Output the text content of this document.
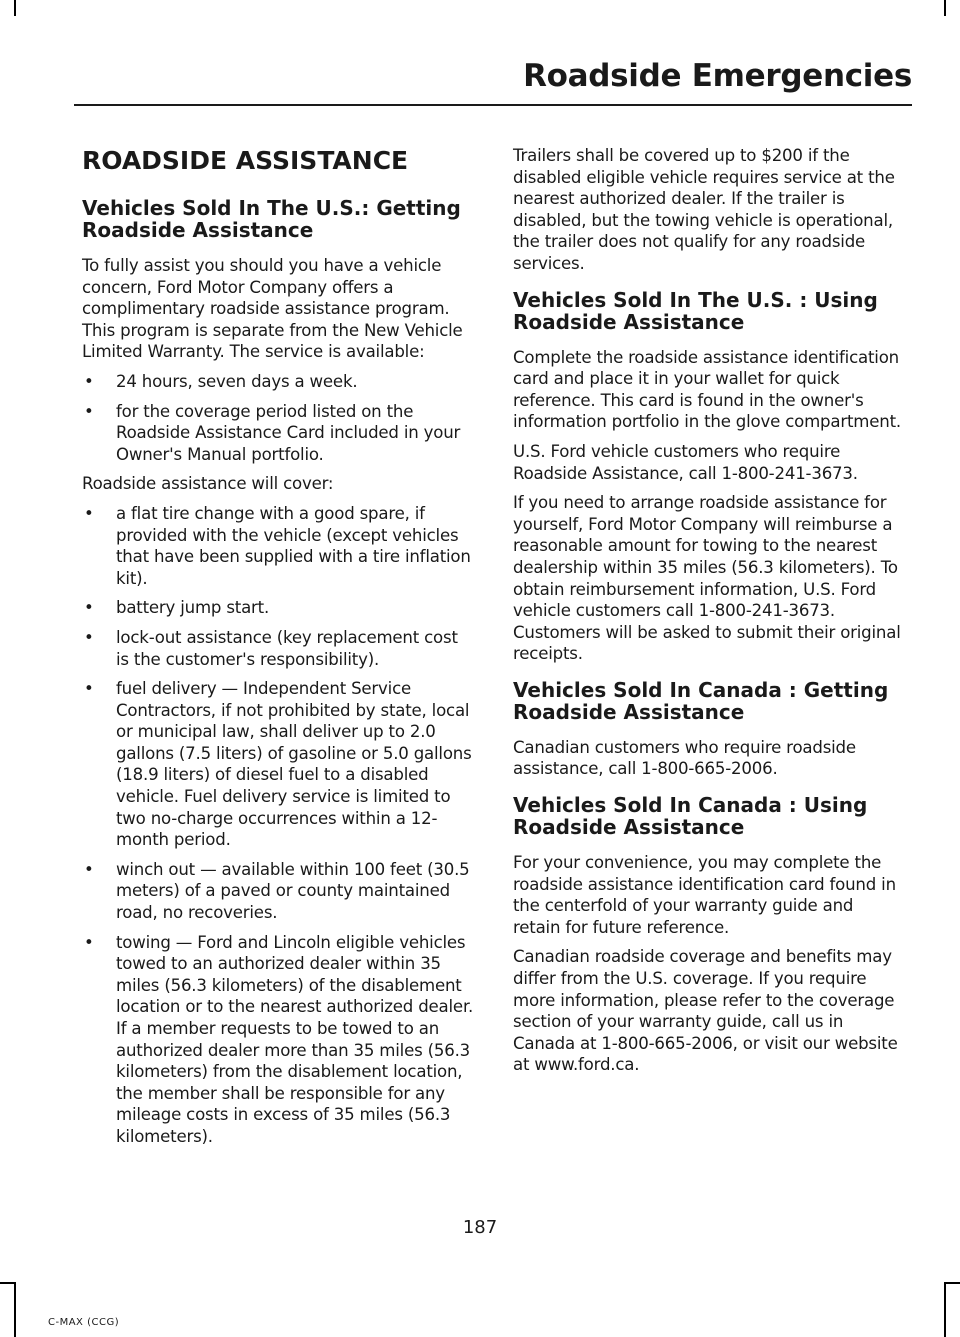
Roadside Emergencies
ROADSIDE ASSISTANCE
Vehicles Sold In The U.S.: Getting Roadside Assistance

To fully assist you should you have a vehicle concern, Ford Motor Company offers a complimentary roadside assistance program. This program is separate from the New Vehicle Limited Warranty. The service is available:

• 24 hours, seven days a week.
• for the coverage period listed on the Roadside Assistance Card included in your Owner's Manual portfolio.

Roadside assistance will cover:

• a flat tire change with a good spare, if provided with the vehicle (except vehicles that have been supplied with a tire inflation kit).
• battery jump start.
• lock-out assistance (key replacement cost is the customer's responsibility).
• fuel delivery — Independent Service Contractors, if not prohibited by state, local or municipal law, shall deliver up to 2.0 gallons (7.5 liters) of gasoline or 5.0 gallons (18.9 liters) of diesel fuel to a disabled vehicle. Fuel delivery service is limited to two no-charge occurrences within a 12-month period.
• winch out — available within 100 feet (30.5 meters) of a paved or county maintained road, no recoveries.
• towing — Ford and Lincoln eligible vehicles towed to an authorized dealer within 35 miles (56.3 kilometers) of the disablement location or to the nearest authorized dealer. If a member requests to be towed to an authorized dealer more than 35 miles (56.3 kilometers) from the disablement location, the member shall be responsible for any mileage costs in excess of 35 miles (56.3 kilometers).

Trailers shall be covered up to $200 if the disabled eligible vehicle requires service at the nearest authorized dealer. If the trailer is disabled, but the towing vehicle is operational, the trailer does not qualify for any roadside services.

Vehicles Sold In The U.S. : Using Roadside Assistance

Complete the roadside assistance identification card and place it in your wallet for quick reference. This card is found in the owner's information portfolio in the glove compartment.

U.S. Ford vehicle customers who require Roadside Assistance, call 1-800-241-3673.

If you need to arrange roadside assistance for yourself, Ford Motor Company will reimburse a reasonable amount for towing to the nearest dealership within 35 miles (56.3 kilometers). To obtain reimbursement information, U.S. Ford vehicle customers call 1-800-241-3673. Customers will be asked to submit their original receipts.

Vehicles Sold In Canada : Getting Roadside Assistance

Canadian customers who require roadside assistance, call 1-800-665-2006.

Vehicles Sold In Canada : Using Roadside Assistance

For your convenience, you may complete the roadside assistance identification card found in the centerfold of your warranty guide and retain for future reference.

Canadian roadside coverage and benefits may differ from the U.S. coverage. If you require more information, please refer to the coverage section of your warranty guide, call us in Canada at 1-800-665-2006, or visit our website at www.ford.ca.

187
C-MAX (CCG)
